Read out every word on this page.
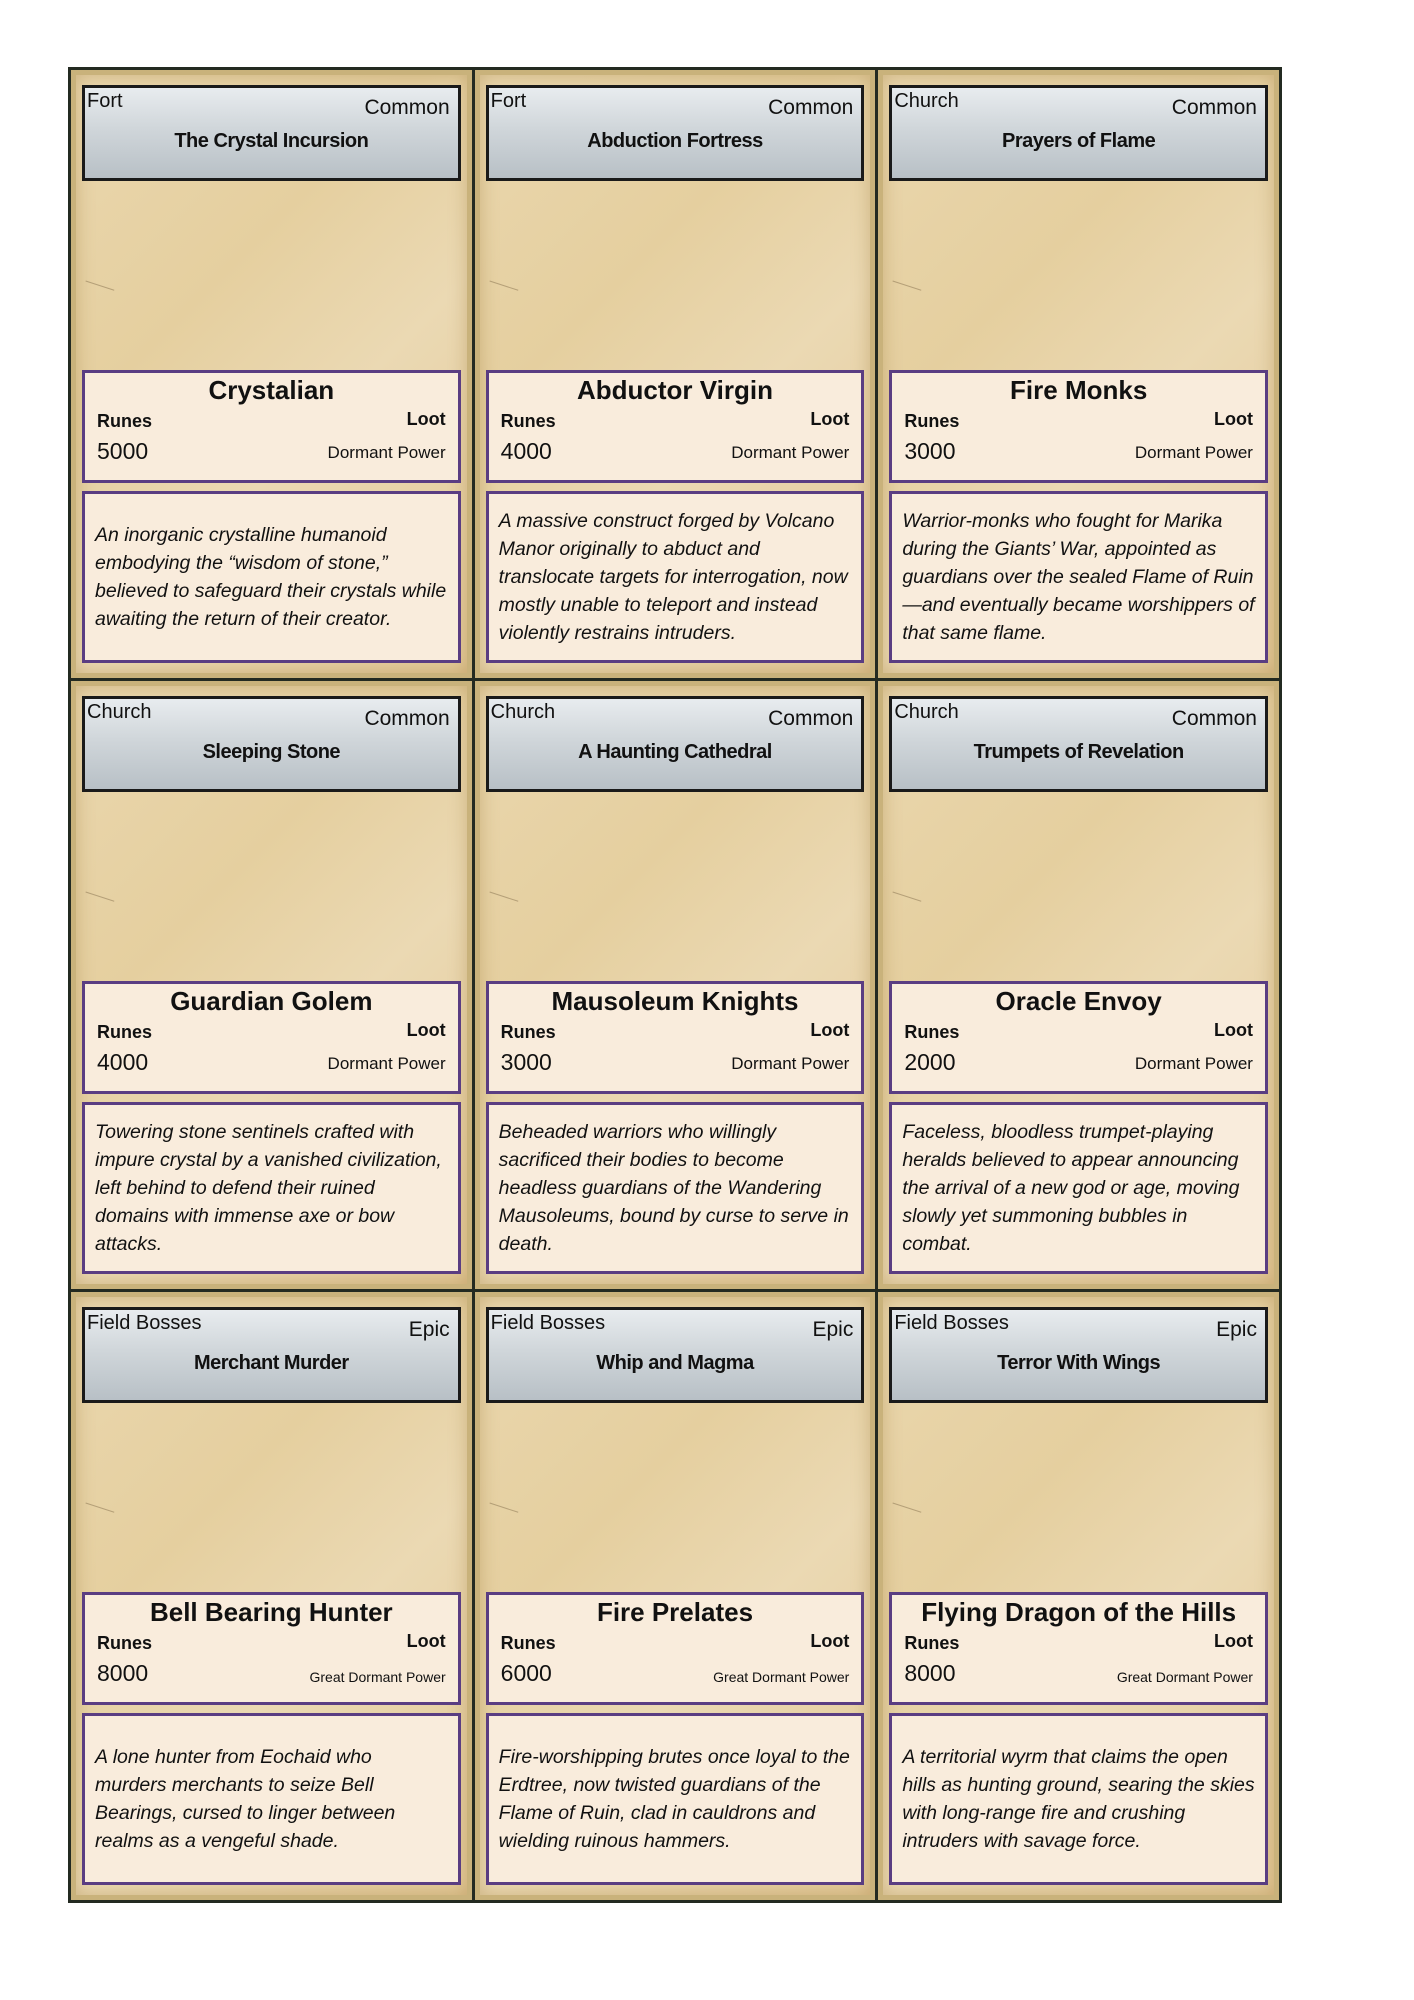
Fort	Common
The Crystal Incursion
Crystalian
Runes	Loot
5000	Dormant Power
An inorganic crystalline humanoid embodying the “wisdom of stone,” believed to safeguard their crystals while awaiting the return of their creator.
Fort	Common
Abduction Fortress
Abductor Virgin
Runes	Loot
4000	Dormant Power
A massive construct forged by Volcano Manor originally to abduct and translocate targets for interrogation, now mostly unable to teleport and instead violently restrains intruders.
Church	Common
Prayers of Flame
Fire Monks
Runes	Loot
3000	Dormant Power
Warrior-monks who fought for Marika during the Giants’ War, appointed as guardians over the sealed Flame of Ruin—and eventually became worshippers of that same flame.
Church	Common
Sleeping Stone
Guardian Golem
Runes	Loot
4000	Dormant Power
Towering stone sentinels crafted with impure crystal by a vanished civilization, left behind to defend their ruined domains with immense axe or bow attacks.
Church	Common
A Haunting Cathedral
Mausoleum Knights
Runes	Loot
3000	Dormant Power
Beheaded warriors who willingly sacrificed their bodies to become headless guardians of the Wandering Mausoleums, bound by curse to serve in death.
Church	Common
Trumpets of Revelation
Oracle Envoy
Runes	Loot
2000	Dormant Power
Faceless, bloodless trumpet-playing heralds believed to appear announcing the arrival of a new god or age, moving slowly yet summoning bubbles in combat.
Field Bosses	Epic
Merchant Murder
Bell Bearing Hunter
Runes	Loot
8000	Great Dormant Power
A lone hunter from Eochaid who murders merchants to seize Bell Bearings, cursed to linger between realms as a vengeful shade.
Field Bosses	Epic
Whip and Magma
Fire Prelates
Runes	Loot
6000	Great Dormant Power
Fire-worshipping brutes once loyal to the Erdtree, now twisted guardians of the Flame of Ruin, clad in cauldrons and wielding ruinous hammers.
Field Bosses	Epic
Terror With Wings
Flying Dragon of the Hills
Runes	Loot
8000	Great Dormant Power
A territorial wyrm that claims the open hills as hunting ground, searing the skies with long-range fire and crushing intruders with savage force.
